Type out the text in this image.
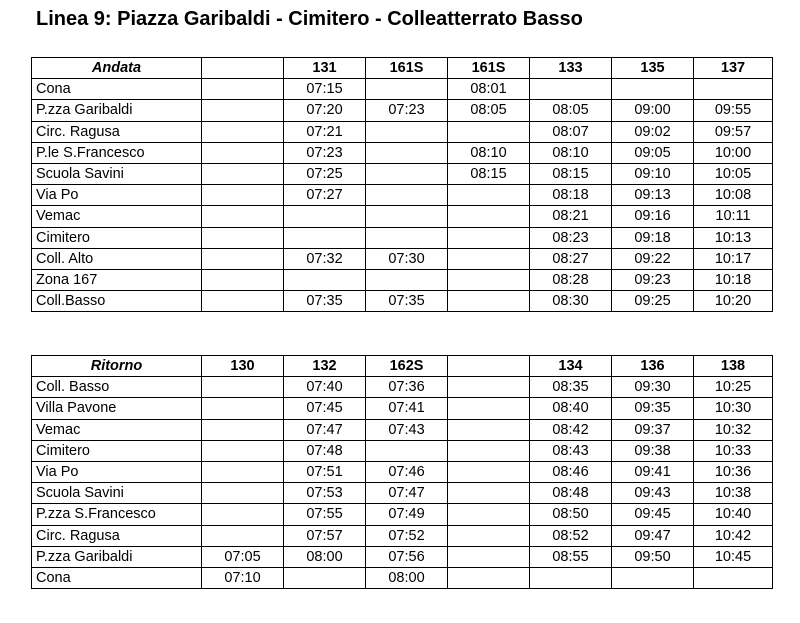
Linea 9: Piazza Garibaldi - Cimitero - Colleatterrato Basso
Andata		131	161S	161S	133	135	137
Cona		07:15		08:01			
P.zza Garibaldi		07:20	07:23	08:05	08:05	09:00	09:55
Circ. Ragusa		07:21			08:07	09:02	09:57
P.le S.Francesco		07:23		08:10	08:10	09:05	10:00
Scuola Savini		07:25		08:15	08:15	09:10	10:05
Via Po		07:27			08:18	09:13	10:08
Vemac					08:21	09:16	10:11
Cimitero					08:23	09:18	10:13
Coll. Alto		07:32	07:30		08:27	09:22	10:17
Zona 167					08:28	09:23	10:18
Coll.Basso		07:35	07:35		08:30	09:25	10:20
Ritorno	130	132	162S		134	136	138
Coll. Basso		07:40	07:36		08:35	09:30	10:25
Villa Pavone		07:45	07:41		08:40	09:35	10:30
Vemac		07:47	07:43		08:42	09:37	10:32
Cimitero		07:48			08:43	09:38	10:33
Via Po		07:51	07:46		08:46	09:41	10:36
Scuola Savini		07:53	07:47		08:48	09:43	10:38
P.zza S.Francesco		07:55	07:49		08:50	09:45	10:40
Circ. Ragusa		07:57	07:52		08:52	09:47	10:42
P.zza Garibaldi	07:05	08:00	07:56		08:55	09:50	10:45
Cona	07:10		08:00				
